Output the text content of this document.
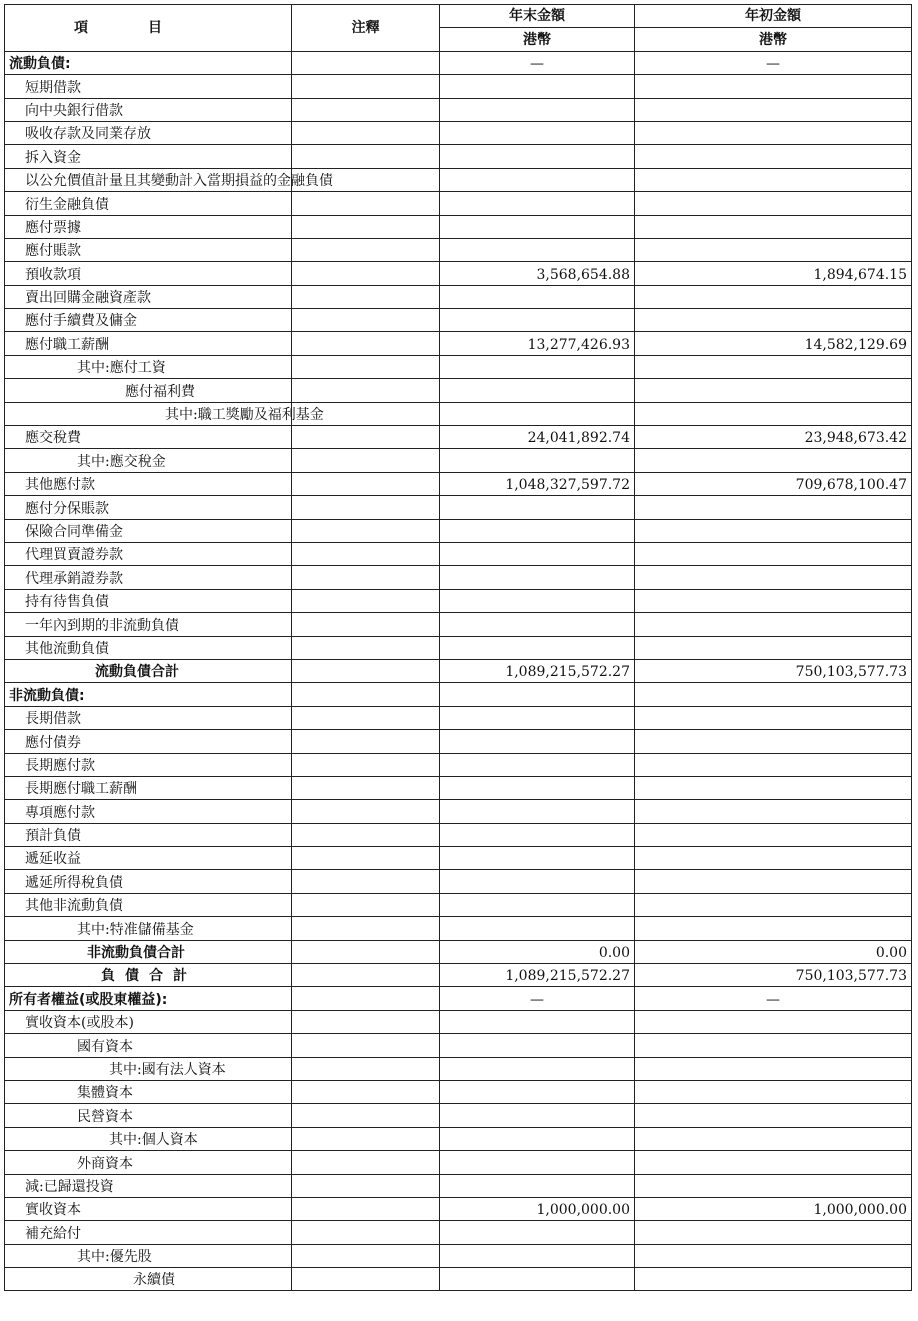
項目	注釋	年末金額	年初金額
		港幣	港幣
流動負債:		—	—
短期借款			
向中央銀行借款			
吸收存款及同業存放			
拆入資金			
以公允價值計量且其變動計入當期損益的金融負債			
衍生金融負債			
應付票據			
應付賬款			
預收款項		3,568,654.88	1,894,674.15
賣出回購金融資產款			
應付手續費及傭金			
應付職工薪酬		13,277,426.93	14,582,129.69
其中:應付工資			
應付福利費			
其中:職工獎勵及福利基金			
應交稅費		24,041,892.74	23,948,673.42
其中:應交稅金			
其他應付款		1,048,327,597.72	709,678,100.47
應付分保賬款			
保險合同準備金			
代理買賣證券款			
代理承銷證券款			
持有待售負債			
一年內到期的非流動負債			
其他流動負債			
流動負債合計		1,089,215,572.27	750,103,577.73
非流動負債:			
長期借款			
應付債券			
長期應付款			
長期應付職工薪酬			
專項應付款			
預計負債			
遞延收益			
遞延所得稅負債			
其他非流動負債			
其中:特准儲備基金			
非流動負債合計		0.00	0.00
負債合計		1,089,215,572.27	750,103,577.73
所有者權益(或股東權益):		—	—
實收資本(或股本)			
國有資本			
其中:國有法人資本			
集體資本			
民營資本			
其中:個人資本			
外商資本			
減:已歸還投資			
實收資本		1,000,000.00	1,000,000.00
補充給付			
其中:優先股			
永續債			
